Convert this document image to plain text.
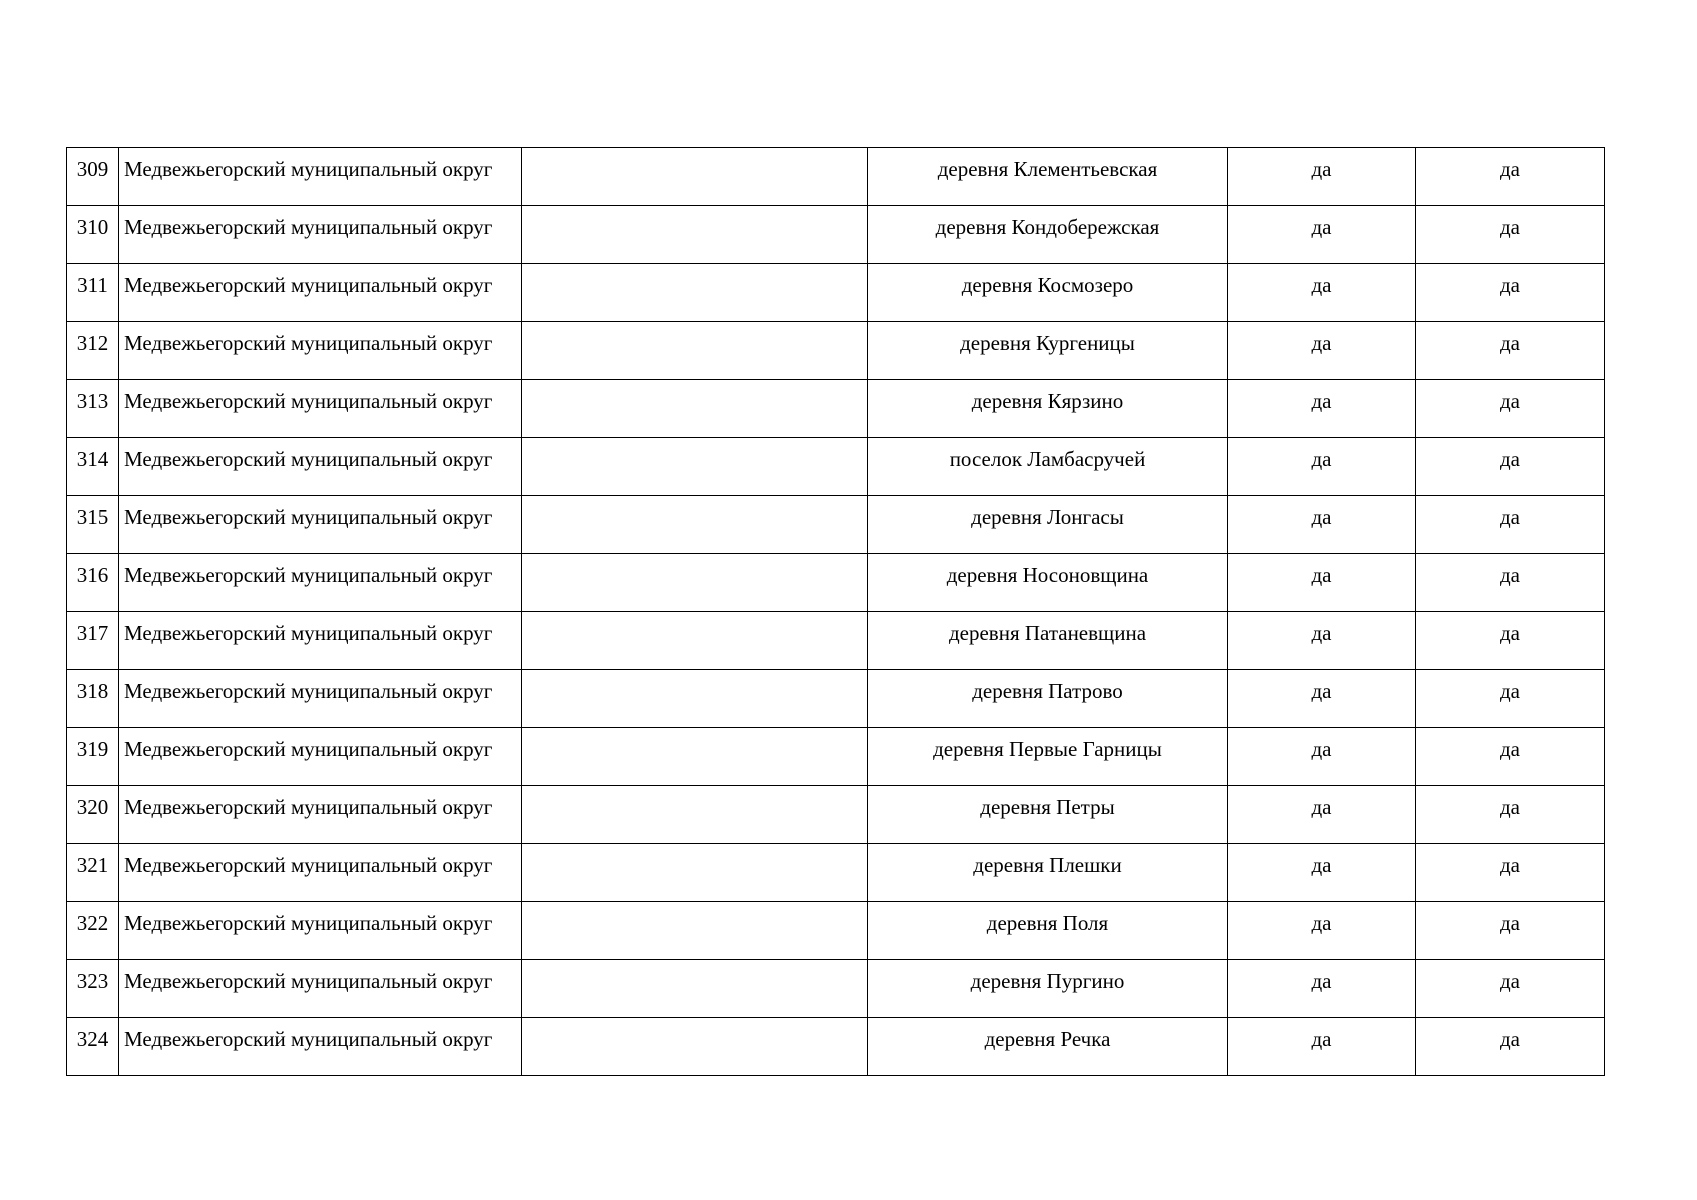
309	Медвежьегорский муниципальный округ		деревня Клементьевская	да	да
310	Медвежьегорский муниципальный округ		деревня Кондобережская	да	да
311	Медвежьегорский муниципальный округ		деревня Космозеро	да	да
312	Медвежьегорский муниципальный округ		деревня Кургеницы	да	да
313	Медвежьегорский муниципальный округ		деревня Кярзино	да	да
314	Медвежьегорский муниципальный округ		поселок Ламбасручей	да	да
315	Медвежьегорский муниципальный округ		деревня Лонгасы	да	да
316	Медвежьегорский муниципальный округ		деревня Носоновщина	да	да
317	Медвежьегорский муниципальный округ		деревня Патаневщина	да	да
318	Медвежьегорский муниципальный округ		деревня Патрово	да	да
319	Медвежьегорский муниципальный округ		деревня Первые Гарницы	да	да
320	Медвежьегорский муниципальный округ		деревня Петры	да	да
321	Медвежьегорский муниципальный округ		деревня Плешки	да	да
322	Медвежьегорский муниципальный округ		деревня Поля	да	да
323	Медвежьегорский муниципальный округ		деревня Пургино	да	да
324	Медвежьегорский муниципальный округ		деревня Речка	да	да
